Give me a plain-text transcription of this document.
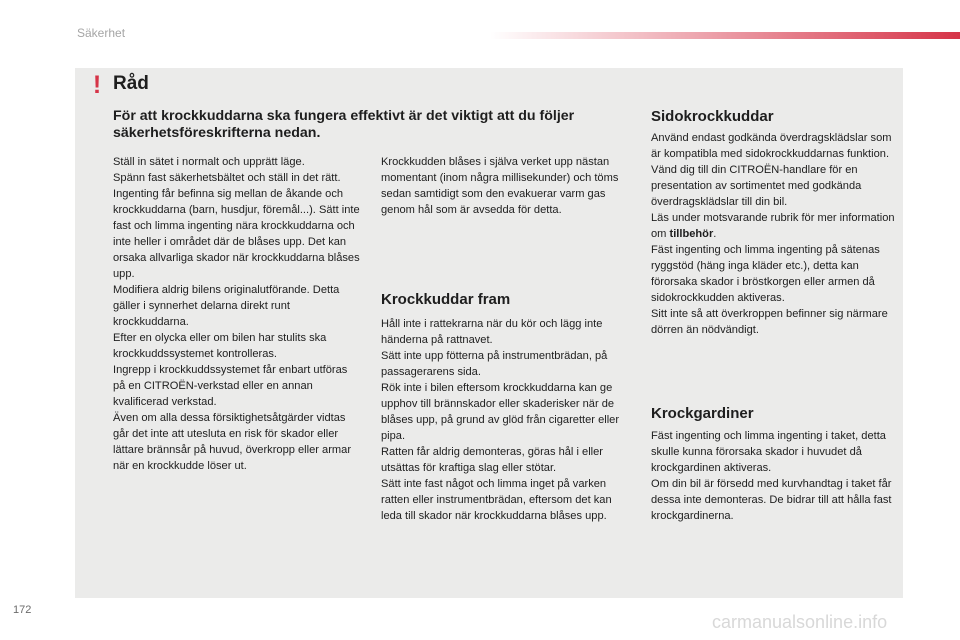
Säkerhet
! Råd
För att krockkuddarna ska fungera effektivt är det viktigt att du följer säkerhetsföreskrifterna nedan.
Ställ in sätet i normalt och upprätt läge.
Spänn fast säkerhetsbältet och ställ in det rätt.
Ingenting får befinna sig mellan de åkande och krockkuddarna (barn, husdjur, föremål...). Sätt inte fast och limma ingenting nära krockkuddarna och inte heller i området där de blåses upp. Det kan orsaka allvarliga skador när krockkuddarna blåses upp.
Modifiera aldrig bilens originalutförande. Detta gäller i synnerhet delarna direkt runt krockkuddarna.
Efter en olycka eller om bilen har stulits ska krockkuddssystemet kontrolleras.
Ingrepp i krockkuddssystemet får enbart utföras på en CITROËN-verkstad eller en annan kvalificerad verkstad.
Även om alla dessa försiktighetsåtgärder vidtas går det inte att utesluta en risk för skador eller lättare brännsår på huvud, överkropp eller armar när en krockkudde löser ut.
Krockkudden blåses i själva verket upp nästan momentant (inom några millisekunder) och töms sedan samtidigt som den evakuerar varm gas genom hål som är avsedda för detta.
Krockkuddar fram
Håll inte i rattekrarna när du kör och lägg inte händerna på rattnavet.
Sätt inte upp fötterna på instrumentbrädan, på passagerarens sida.
Rök inte i bilen eftersom krockkuddarna kan ge upphov till brännskador eller skaderisker när de blåses upp, på grund av glöd från cigaretter eller pipa.
Ratten får aldrig demonteras, göras hål i eller utsättas för kraftiga slag eller stötar.
Sätt inte fast något och limma inget på varken ratten eller instrumentbrädan, eftersom det kan leda till skador när krockkuddarna blåses upp.
Sidokrockkuddar
Använd endast godkända överdragsklädslar som är kompatibla med sidokrockkuddarnas funktion. Vänd dig till din CITROËN-handlare för en presentation av sortimentet med godkända överdragsklädslar till din bil.
Läs under motsvarande rubrik för mer information om tillbehör.
Fäst ingenting och limma ingenting på sätenas ryggstöd (häng inga kläder etc.), detta kan förorsaka skador i bröstkorgen eller armen då sidokrockkudden aktiveras.
Sitt inte så att överkroppen befinner sig närmare dörren än nödvändigt.
Krockgardiner
Fäst ingenting och limma ingenting i taket, detta skulle kunna förorsaka skador i huvudet då krockgardinen aktiveras.
Om din bil är försedd med kurvhandtag i taket får dessa inte demonteras. De bidrar till att hålla fast krockgardinerna.
172
carmanualsonline.info
